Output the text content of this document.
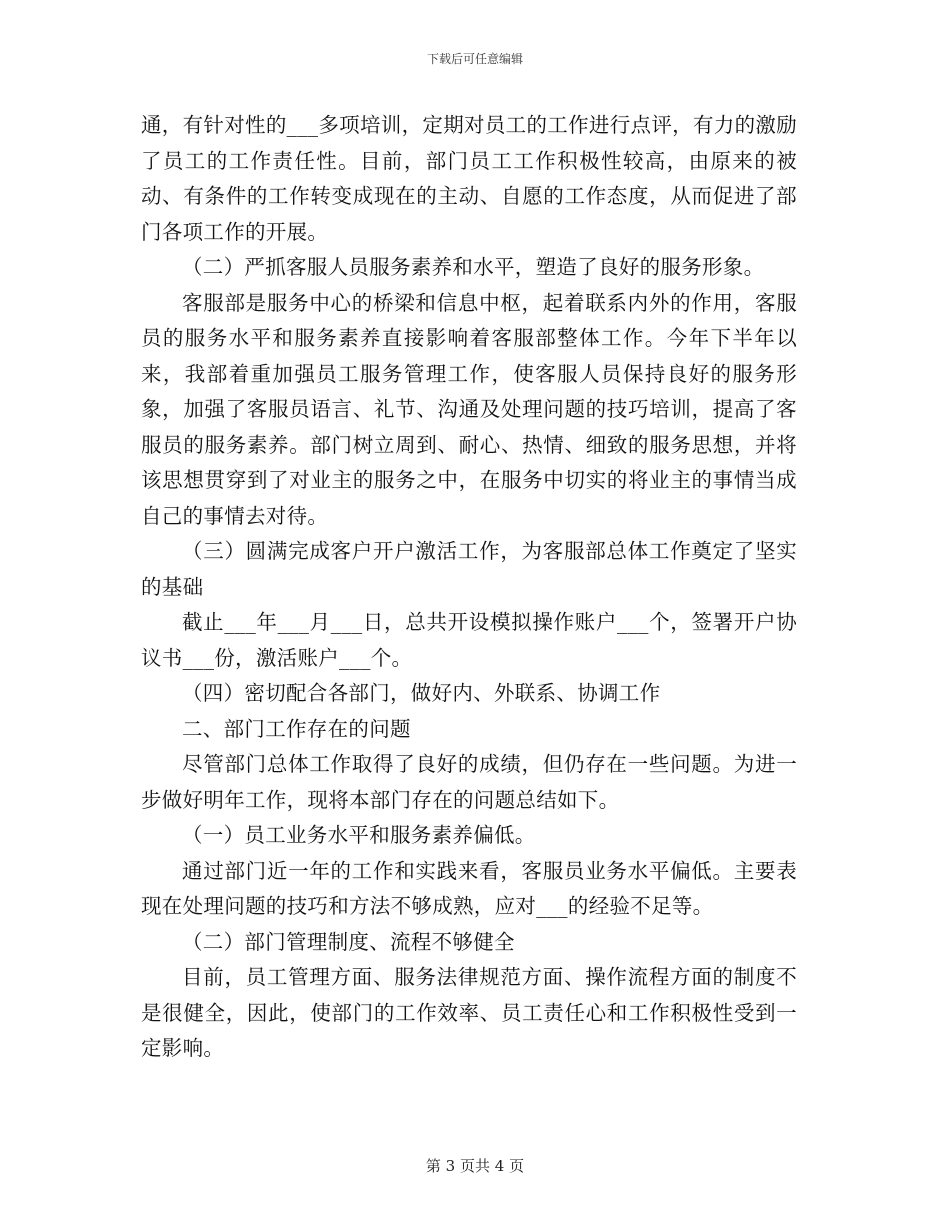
下载后可任意编辑

通，有针对性的___多项培训，定期对员工的工作进行点评，有力的激励了员工的工作责任性。目前，部门员工工作积极性较高，由原来的被动、有条件的工作转变成现在的主动、自愿的工作态度，从而促进了部门各项工作的开展。

（二）严抓客服人员服务素养和水平，塑造了良好的服务形象。

客服部是服务中心的桥梁和信息中枢，起着联系内外的作用，客服员的服务水平和服务素养直接影响着客服部整体工作。今年下半年以来，我部着重加强员工服务管理工作，使客服人员保持良好的服务形象，加强了客服员语言、礼节、沟通及处理问题的技巧培训，提高了客服员的服务素养。部门树立周到、耐心、热情、细致的服务思想，并将该思想贯穿到了对业主的服务之中，在服务中切实的将业主的事情当成自己的事情去对待。

（三）圆满完成客户开户激活工作，为客服部总体工作奠定了坚实的基础

截止___年___月___日，总共开设模拟操作账户___个，签署开户协议书___份，激活账户___个。

（四）密切配合各部门，做好内、外联系、协调工作

二、部门工作存在的问题

尽管部门总体工作取得了良好的成绩，但仍存在一些问题。为进一步做好明年工作，现将本部门存在的问题总结如下。

（一）员工业务水平和服务素养偏低。

通过部门近一年的工作和实践来看，客服员业务水平偏低。主要表现在处理问题的技巧和方法不够成熟，应对___的经验不足等。

（二）部门管理制度、流程不够健全

目前，员工管理方面、服务法律规范方面、操作流程方面的制度不是很健全，因此，使部门的工作效率、员工责任心和工作积极性受到一定影响。

第 3 页共 4 页
